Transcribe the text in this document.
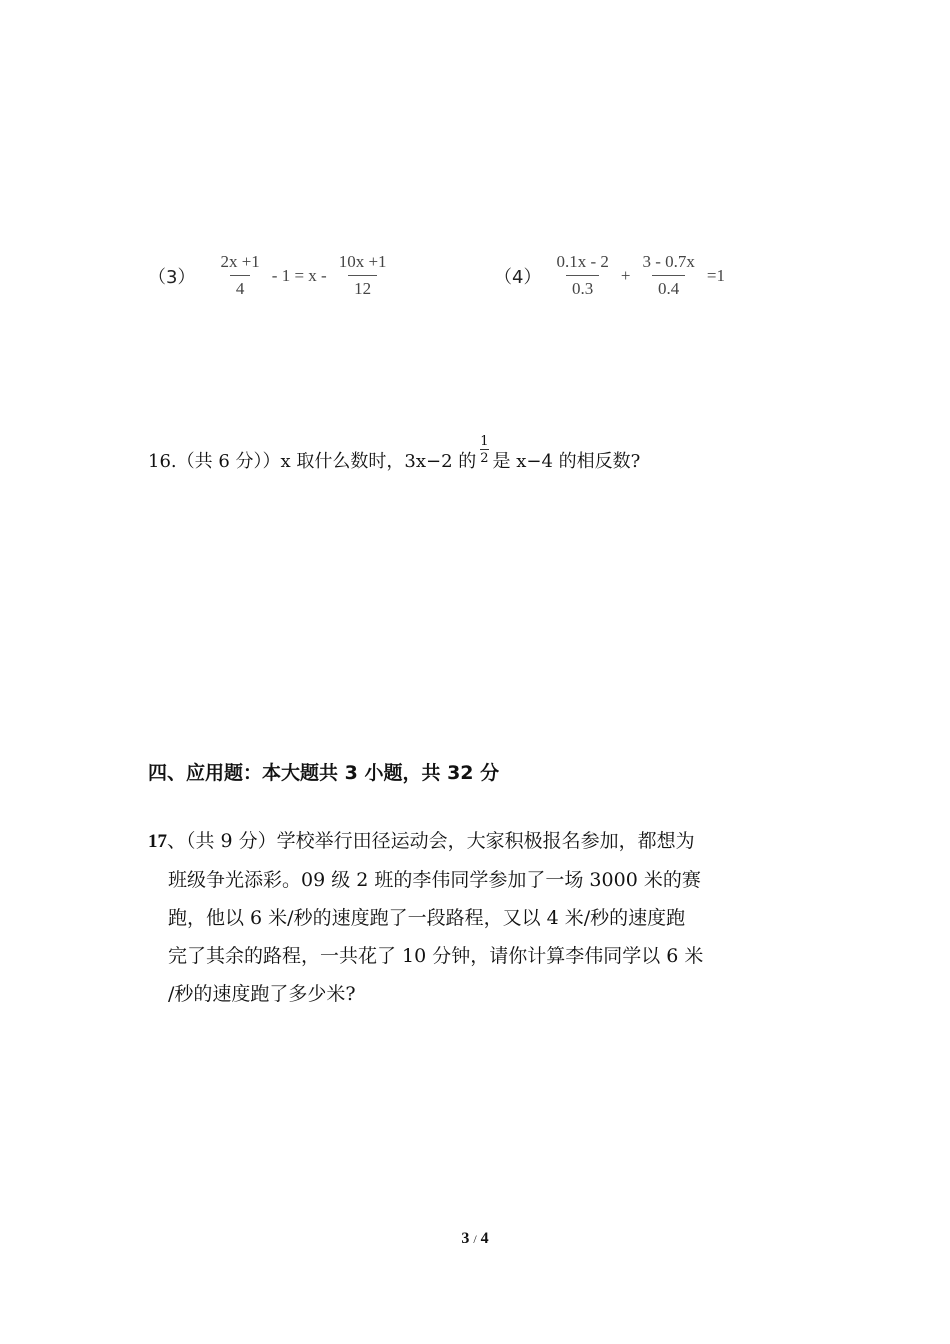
$(3) \frac{2x +1}{4} - 1 = x - \frac{10x +1}{12}$	$(4) \frac{0.1x - 2}{0.3} + \frac{3 - 0.7x}{0.4} =1$
16.（共 6 分））x 取什么数时，3x−2 的 $\frac{1}{2}$ 是 x−4 的相反数?
四、应用题：本大题共 3 小题，共 32 分
17、（共 9 分）学校举行田径运动会，大家积极报名参加，都想为
班级争光添彩。09 级 2 班的李伟同学参加了一场 3000 米的赛
跑，他以 6 米/秒的速度跑了一段路程，又以 4 米/秒的速度跑
完了其余的路程，一共花了 10 分钟，请你计算李伟同学以 6 米
/秒的速度跑了多少米?
3 / 4
